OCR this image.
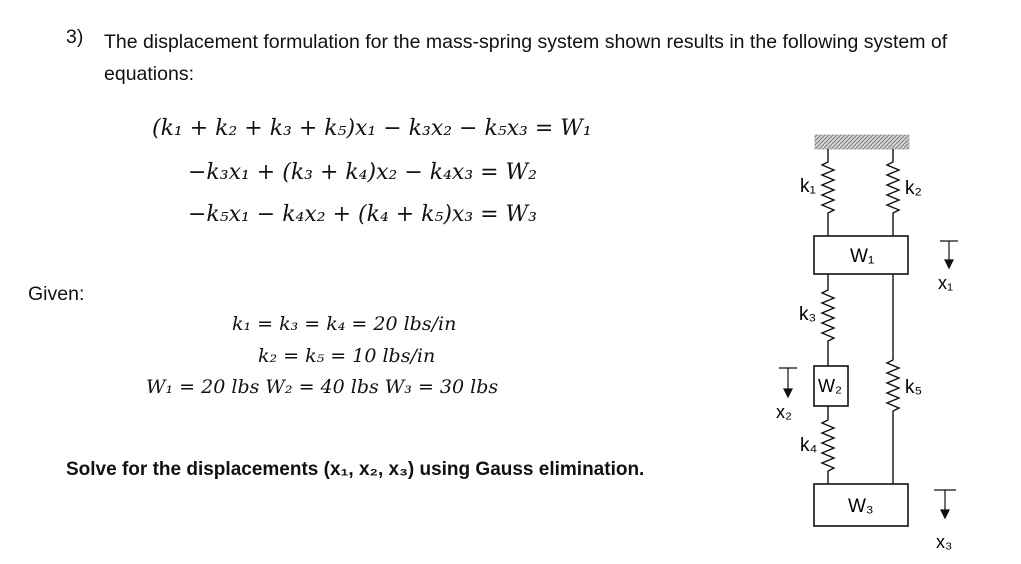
3) The displacement formulation for the mass-spring system shown results in the following system of equations:
(k₁ + k₂ + k₃ + k₅)x₁ − k₃x₂ − k₅x₃ = W₁
−k₃x₁ + (k₃ + k₄)x₂ − k₄x₃ = W₂
−k₅x₁ − k₄x₂ + (k₄ + k₅)x₃ = W₃
Given:
k₁ = k₃ = k₄ = 20 lbs/in
k₂ = k₅ = 10 lbs/in
W₁ = 20 lbs W₂ = 40 lbs W₃ = 30 lbs
Solve for the displacements (x₁, x₂, x₃) using Gauss elimination.
k₁	k₂
W₁
k₃
W₂	k₅
k₄
W₃
x₁
x₂
x₃
